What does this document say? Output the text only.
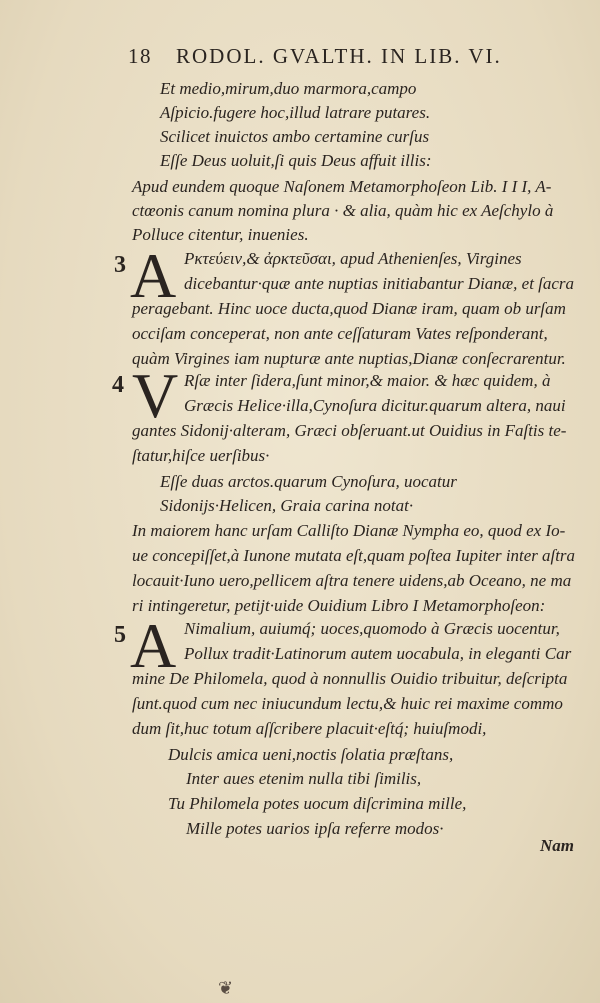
18 RODOL. GVALTH. IN LIB. VI.
Et medio,mirum,duo marmora,campo
Aſpicio.fugere hoc,illud latrare putares.
Scilicet inuictos ambo certamine curſus
Eſſe Deus uoluit,ſi quis Deus affuit illis:
Apud eundem quoque Naſonem Metamorphoſeon Lib. I I I, A-
ctœonis canum nomina plura · & alia, quàm hic ex Aeſchylo à
Polluce citentur, inuenies.
3 A Ρκτεύειν,& ἀρκτεῦσαι, apud Athenienſes, Virgines
dicebantur·quæ ante nuptias initiabantur Dianæ, et ſacra
peragebant. Hinc uoce ducta,quod Dianæ iram, quam ob urſam
occiſam conceperat, non ante ceſſaturam Vates reſponderant,
quàm Virgines iam nupturæ ante nuptias,Dianæ conſecrarentur.
4 V Rſæ inter ſidera,ſunt minor,& maior. & hæc quidem, à
Græcis Helice·illa,Cynoſura dicitur.quarum altera, naui
gantes Sidonij·alteram, Græci obſeruant.ut Ouidius in Faſtis te-
ſtatur,hiſce uerſibus·
Eſſe duas arctos.quarum Cynoſura, uocatur
Sidonijs·Helicen, Graia carina notat·
In maiorem hanc urſam Calliſto Dianæ Nympha eo, quod ex Io-
ue concepiſſet,à Iunone mutata eſt,quam poſtea Iupiter inter aſtra
locauit·Iuno uero,pellicem aſtra tenere uidens,ab Oceano, ne ma
ri intingeretur, petijt·uide Ouidium Libro I Metamorphoſeon:
5 A Nimalium, auiumq́; uoces,quomodo à Græcis uocentur,
Pollux tradit·Latinorum autem uocabula, in eleganti Car
mine De Philomela, quod à nonnullis Ouidio tribuitur, deſcripta
ſunt.quod cum nec iniucundum lectu,& huic rei maxime commo
dum ſit,huc totum aſſcribere placuit·eſtq́; huiuſmodi,
Dulcis amica ueni,noctis ſolatia præſtans,
Inter aues etenim nulla tibi ſimilis,
Tu Philomela potes uocum diſcrimina mille,
Mille potes uarios ipſa referre modos·
Nam
❦
